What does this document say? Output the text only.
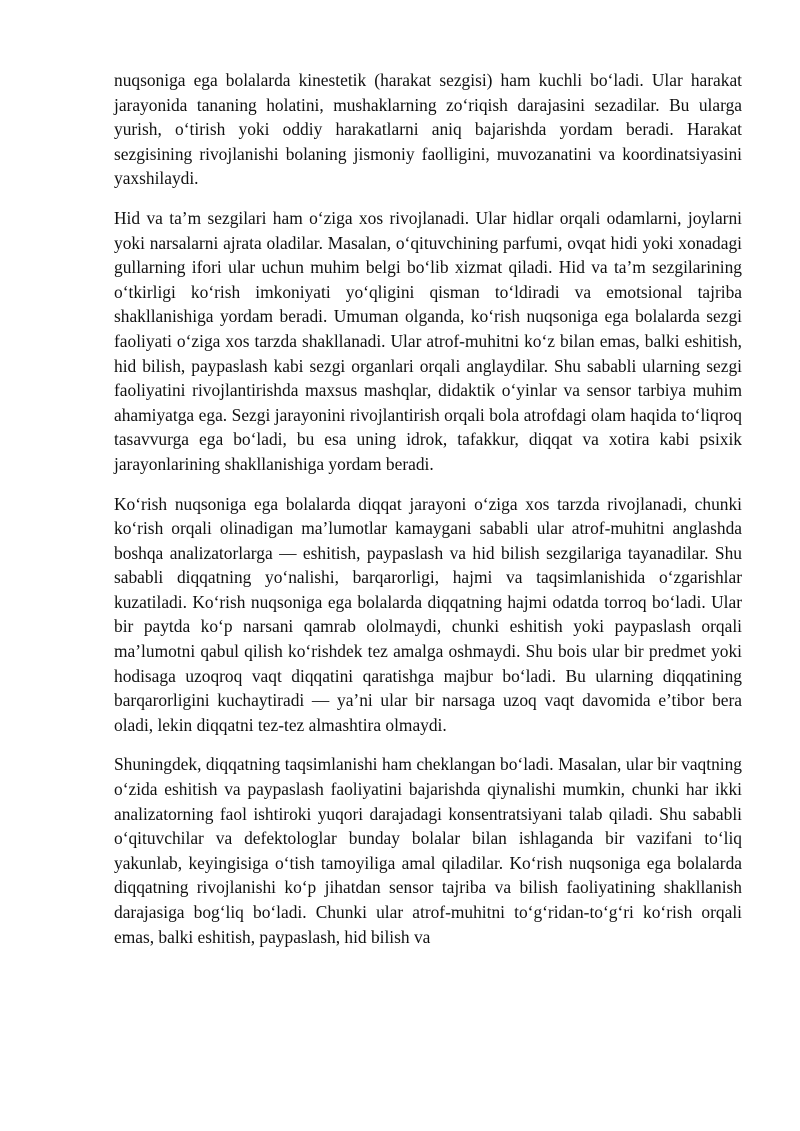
nuqsoniga ega bolalarda kinestetik (harakat sezgisi) ham kuchli bo‘ladi. Ular harakat jarayonida tananing holatini, mushaklarning zo‘riqish darajasini sezadilar. Bu ularga yurish, o‘tirish yoki oddiy harakatlarni aniq bajarishda yordam beradi. Harakat sezgisining rivojlanishi bolaning jismoniy faolligini, muvozanatini va koordinatsiyasini yaxshilaydi.

Hid va ta’m sezgilari ham o‘ziga xos rivojlanadi. Ular hidlar orqali odamlarni, joylarni yoki narsalarni ajrata oladilar. Masalan, o‘qituvchining parfumi, ovqat hidi yoki xonadagi gullarning ifori ular uchun muhim belgi bo‘lib xizmat qiladi. Hid va ta’m sezgilarining o‘tkirligi ko‘rish imkoniyati yo‘qligini qisman to‘ldiradi va emotsional tajriba shakllanishiga yordam beradi. Umuman olganda, ko‘rish nuqsoniga ega bolalarda sezgi faoliyati o‘ziga xos tarzda shakllanadi. Ular atrof-muhitni ko‘z bilan emas, balki eshitish, hid bilish, paypaslash kabi sezgi organlari orqali anglaydilar. Shu sababli ularning sezgi faoliyatini rivojlantirishda maxsus mashqlar, didaktik o‘yinlar va sensor tarbiya muhim ahamiyatga ega. Sezgi jarayonini rivojlantirish orqali bola atrofdagi olam haqida to‘liqroq tasavvurga ega bo‘ladi, bu esa uning idrok, tafakkur, diqqat va xotira kabi psixik jarayonlarining shakllanishiga yordam beradi.

Ko‘rish nuqsoniga ega bolalarda diqqat jarayoni o‘ziga xos tarzda rivojlanadi, chunki ko‘rish orqali olinadigan ma’lumotlar kamaygani sababli ular atrof-muhitni anglashda boshqa analizatorlarga — eshitish, paypaslash va hid bilish sezgilariga tayanadilar. Shu sababli diqqatning yo‘nalishi, barqarorligi, hajmi va taqsimlanishida o‘zgarishlar kuzatiladi. Ko‘rish nuqsoniga ega bolalarda diqqatning hajmi odatda torroq bo‘ladi. Ular bir paytda ko‘p narsani qamrab ololmaydi, chunki eshitish yoki paypaslash orqali ma’lumotni qabul qilish ko‘rishdek tez amalga oshmaydi. Shu bois ular bir predmet yoki hodisaga uzoqroq vaqt diqqatini qaratishga majbur bo‘ladi. Bu ularning diqqatining barqarorligini kuchaytiradi — ya’ni ular bir narsaga uzoq vaqt davomida e’tibor bera oladi, lekin diqqatni tez-tez almashtira olmaydi.

Shuningdek, diqqatning taqsimlanishi ham cheklangan bo‘ladi. Masalan, ular bir vaqtning o‘zida eshitish va paypaslash faoliyatini bajarishda qiynalishi mumkin, chunki har ikki analizatorning faol ishtiroki yuqori darajadagi konsentratsiyani talab qiladi. Shu sababli o‘qituvchilar va defektologlar bunday bolalar bilan ishlaganda bir vazifani to‘liq yakunlab, keyingisiga o‘tish tamoyiliga amal qiladilar. Ko‘rish nuqsoniga ega bolalarda diqqatning rivojlanishi ko‘p jihatdan sensor tajriba va bilish faoliyatining shakllanish darajasiga bog‘liq bo‘ladi. Chunki ular atrof-muhitni to‘g‘ridan-to‘g‘ri ko‘rish orqali emas, balki eshitish, paypaslash, hid bilish va
